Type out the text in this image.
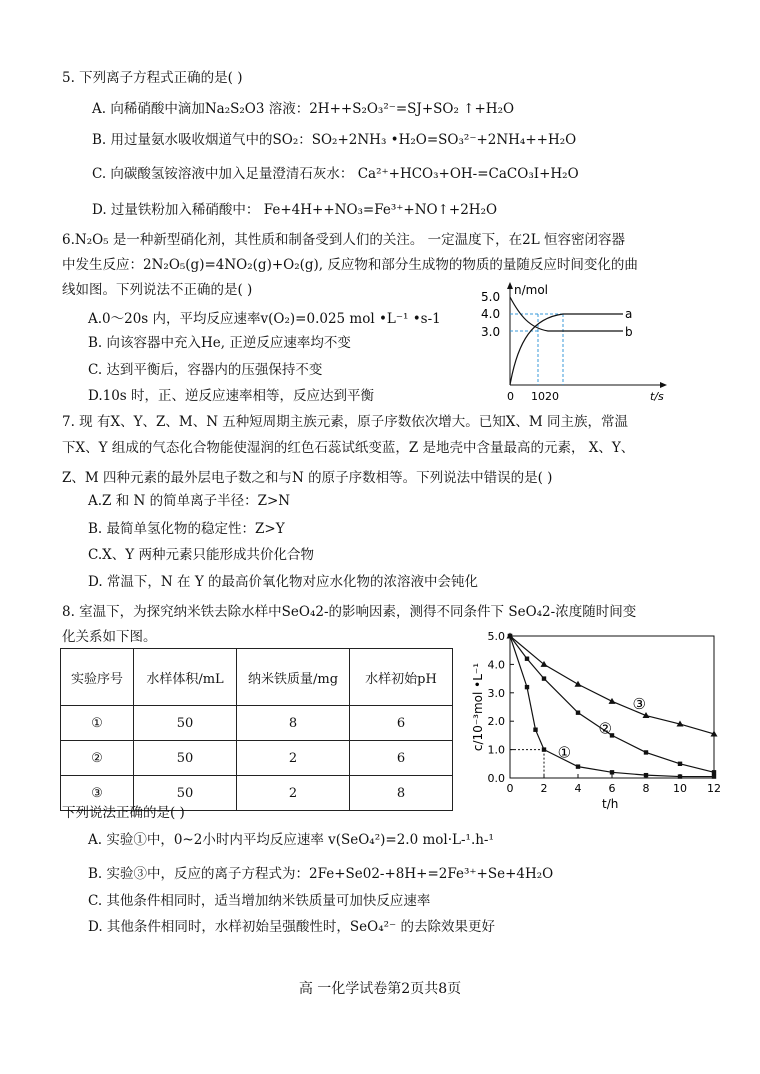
5. 下列离子方程式正确的是( )
A. 向稀硝酸中滴加Na₂S₂O3 溶液：2H++S₂O₃²⁻=SJ+SO₂ ↑+H₂O
B. 用过量氨水吸收烟道气中的SO₂：SO₂+2NH₃ •H₂O=SO₃²⁻+2NH₄++H₂O
C. 向碳酸氢铵溶液中加入足量澄清石灰水： Ca²⁺+HCO₃+OH-=CaCO₃I+H₂O
D. 过量铁粉加入稀硝酸中： Fe+4H++NO₃=Fe³⁺+NO↑+2H₂O
6.N₂O₅ 是一种新型硝化剂，其性质和制备受到人们的关注。 一定温度下，在2L 恒容密闭容器
中发生反应：2N₂O₅(g)=4NO₂(g)+O₂(g), 反应物和部分生成物的物质的量随反应时间变化的曲
线如图。下列说法不正确的是( )
A.0～20s 内，平均反应速率v(O₂)=0.025 mol •L⁻¹ •s-1
B. 向该容器中充入He, 正逆反应速率均不变
C. 达到平衡后，容器内的压强保持不变
D.10s 时，正、逆反应速率相等，反应达到平衡
n/mol
t/s
5.0
4.0
3.0
0 1020
a
b
7. 现 有X、Y、Z、M、N 五种短周期主族元素，原子序数依次增大。已知X、M 同主族，常温
下X、Y 组成的气态化合物能使湿润的红色石蕊试纸变蓝，Z 是地壳中含量最高的元素， X、Y、
Z、M 四种元素的最外层电子数之和与N 的原子序数相等。下列说法中错误的是( )
A.Z 和 N 的简单离子半径：Z>N
B. 最简单氢化物的稳定性：Z>Y
C.X、Y 两种元素只能形成共价化合物
D. 常温下，N 在 Y 的最高价氧化物对应水化物的浓溶液中会钝化
8. 室温下，为探究纳米铁去除水样中SeO₄2-的影响因素，测得不同条件下 SeO₄2-浓度随时间变
化关系如下图。
实验序号	水样体积/mL	纳米铁质量/mg	水样初始pH
①	50	8	6
②	50	2	6
③	50	2	8
5.0
4.0
3.0
2.0
1.0
0.0
0 2 4 6 8 10 12
t/h
c/10⁻³mol •L⁻¹
①
②
③
下列说法正确的是( )
A. 实验①中，0~2小时内平均反应速率 v(SeO₄²)=2.0 mol·L-¹.h-¹
B. 实验③中，反应的离子方程式为：2Fe+Se02-+8H+=2Fe³⁺+Se+4H₂O
C. 其他条件相同时，适当增加纳米铁质量可加快反应速率
D. 其他条件相同时，水样初始呈强酸性时，SeO₄²⁻ 的去除效果更好
高 一化学试卷第2页共8页
